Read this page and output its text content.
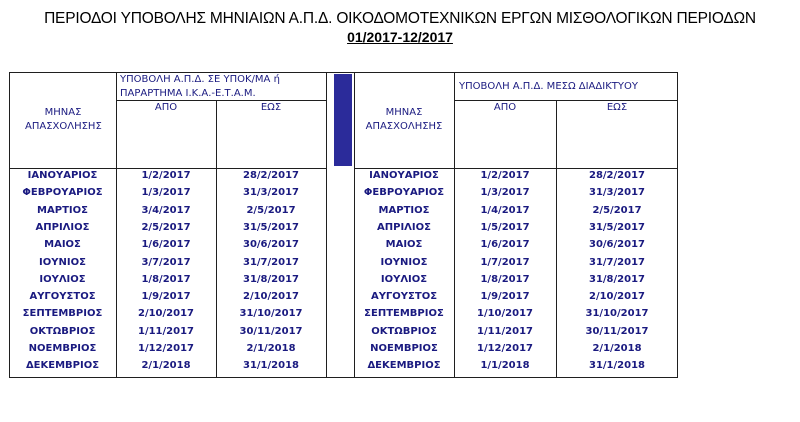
ΠΕΡΙΟΔΟΙ ΥΠΟΒΟΛΗΣ ΜΗΝΙΑΙΩΝ Α.Π.Δ. ΟΙΚΟΔΟΜΟΤΕΧΝΙΚΩΝ ΕΡΓΩΝ ΜΙΣΘΟΛΟΓΙΚΩΝ ΠΕΡΙΟΔΩΝ
01/2017-12/2017
ΥΠΟΒΟΛΗ Α.Π.Δ. ΣΕ ΥΠΟΚ/ΜΑ ή ΠΑΡΑΡΤΗΜΑ Ι.Κ.Α.-Ε.Τ.Α.Μ.
ΜΗΝΑΣ ΑΠΑΣΧΟΛΗΣΗΣ
ΑΠΟ	ΕΩΣ
ΥΠΟΒΟΛΗ Α.Π.Δ. ΜΕΣΩ ΔΙΑΔΙΚΤΥΟΥ
ΜΗΝΑΣ ΑΠΑΣΧΟΛΗΣΗΣ
ΑΠΟ	ΕΩΣ
ΙΑΝΟΥΑΡΙΟΣ	1/2/2017	28/2/2017	ΙΑΝΟΥΑΡΙΟΣ	1/2/2017	28/2/2017
ΦΕΒΡΟΥΑΡΙΟΣ	1/3/2017	31/3/2017	ΦΕΒΡΟΥΑΡΙΟΣ	1/3/2017	31/3/2017
ΜΑΡΤΙΟΣ	3/4/2017	2/5/2017	ΜΑΡΤΙΟΣ	1/4/2017	2/5/2017
ΑΠΡΙΛΙΟΣ	2/5/2017	31/5/2017	ΑΠΡΙΛΙΟΣ	1/5/2017	31/5/2017
ΜΑΙΟΣ	1/6/2017	30/6/2017	ΜΑΙΟΣ	1/6/2017	30/6/2017
ΙΟΥΝΙΟΣ	3/7/2017	31/7/2017	ΙΟΥΝΙΟΣ	1/7/2017	31/7/2017
ΙΟΥΛΙΟΣ	1/8/2017	31/8/2017	ΙΟΥΛΙΟΣ	1/8/2017	31/8/2017
ΑΥΓΟΥΣΤΟΣ	1/9/2017	2/10/2017	ΑΥΓΟΥΣΤΟΣ	1/9/2017	2/10/2017
ΣΕΠΤΕΜΒΡΙΟΣ	2/10/2017	31/10/2017	ΣΕΠΤΕΜΒΡΙΟΣ	1/10/2017	31/10/2017
ΟΚΤΩΒΡΙΟΣ	1/11/2017	30/11/2017	ΟΚΤΩΒΡΙΟΣ	1/11/2017	30/11/2017
ΝΟΕΜΒΡΙΟΣ	1/12/2017	2/1/2018	ΝΟΕΜΒΡΙΟΣ	1/12/2017	2/1/2018
ΔΕΚΕΜΒΡΙΟΣ	2/1/2018	31/1/2018	ΔΕΚΕΜΒΡΙΟΣ	1/1/2018	31/1/2018
